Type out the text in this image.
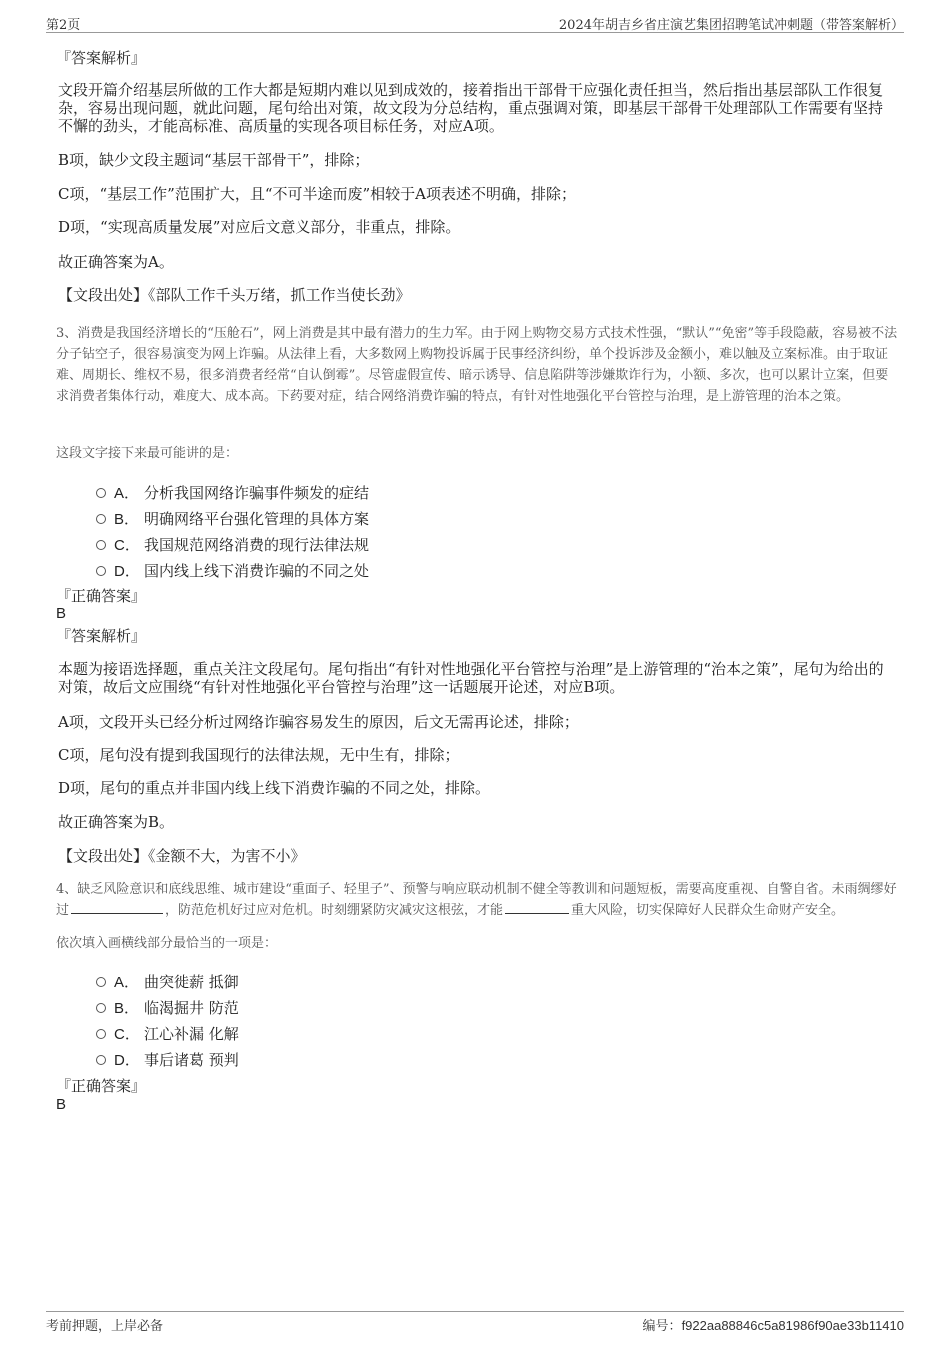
第2页	2024年胡吉乡省庄演艺集团招聘笔试冲刺题（带答案解析）

『答案解析』

文段开篇介绍基层所做的工作大都是短期内难以见到成效的，接着指出干部骨干应强化责任担当，然后指出基层部队工作很复杂，容易出现问题，就此问题，尾句给出对策，故文段为分总结构，重点强调对策，即基层干部骨干处理部队工作需要有坚持不懈的劲头，才能高标准、高质量的实现各项目标任务，对应A项。

B项，缺少文段主题词“基层干部骨干”，排除；

C项，“基层工作”范围扩大，且“不可半途而废”相较于A项表述不明确，排除；

D项，“实现高质量发展”对应后文意义部分，非重点，排除。

故正确答案为A。

【文段出处】《部队工作千头万绪，抓工作当使长劲》

3、消费是我国经济增长的“压舱石”，网上消费是其中最有潜力的生力军。由于网上购物交易方式技术性强，“默认”“免密”等手段隐蔽，容易被不法分子钻空子，很容易演变为网上诈骗。从法律上看，大多数网上购物投诉属于民事经济纠纷，单个投诉涉及金额小，难以触及立案标准。由于取证难、周期长、维权不易，很多消费者经常“自认倒霉”。尽管虚假宣传、暗示诱导、信息陷阱等涉嫌欺诈行为，小额、多次，也可以累计立案，但要求消费者集体行动，难度大、成本高。下药要对症，结合网络消费诈骗的特点，有针对性地强化平台管控与治理，是上游管理的治本之策。

这段文字接下来最可能讲的是：

A． 分析我国网络诈骗事件频发的症结
B． 明确网络平台强化管理的具体方案
C． 我国规范网络消费的现行法律法规
D． 国内线上线下消费诈骗的不同之处

『正确答案』

B

『答案解析』

本题为接语选择题，重点关注文段尾句。尾句指出“有针对性地强化平台管控与治理”是上游管理的“治本之策”，尾句为给出的对策，故后文应围绕“有针对性地强化平台管控与治理”这一话题展开论述，对应B项。

A项，文段开头已经分析过网络诈骗容易发生的原因，后文无需再论述，排除；

C项，尾句没有提到我国现行的法律法规，无中生有，排除；

D项，尾句的重点并非国内线上线下消费诈骗的不同之处，排除。

故正确答案为B。

【文段出处】《金额不大，为害不小》

4、缺乏风险意识和底线思维、城市建设“重面子、轻里子”、预警与响应联动机制不健全等教训和问题短板，需要高度重视、自警自省。未雨绸缪好过	，防范危机好过应对危机。时刻绷紧防灾减灾这根弦，才能	重大风险，切实保障好人民群众生命财产安全。

依次填入画横线部分最恰当的一项是：

A． 曲突徙薪 抵御
B． 临渴掘井 防范
C． 江心补漏 化解
D． 事后诸葛 预判

『正确答案』

B

考前押题，上岸必备	编号：f922aa88846c5a81986f90ae33b11410
